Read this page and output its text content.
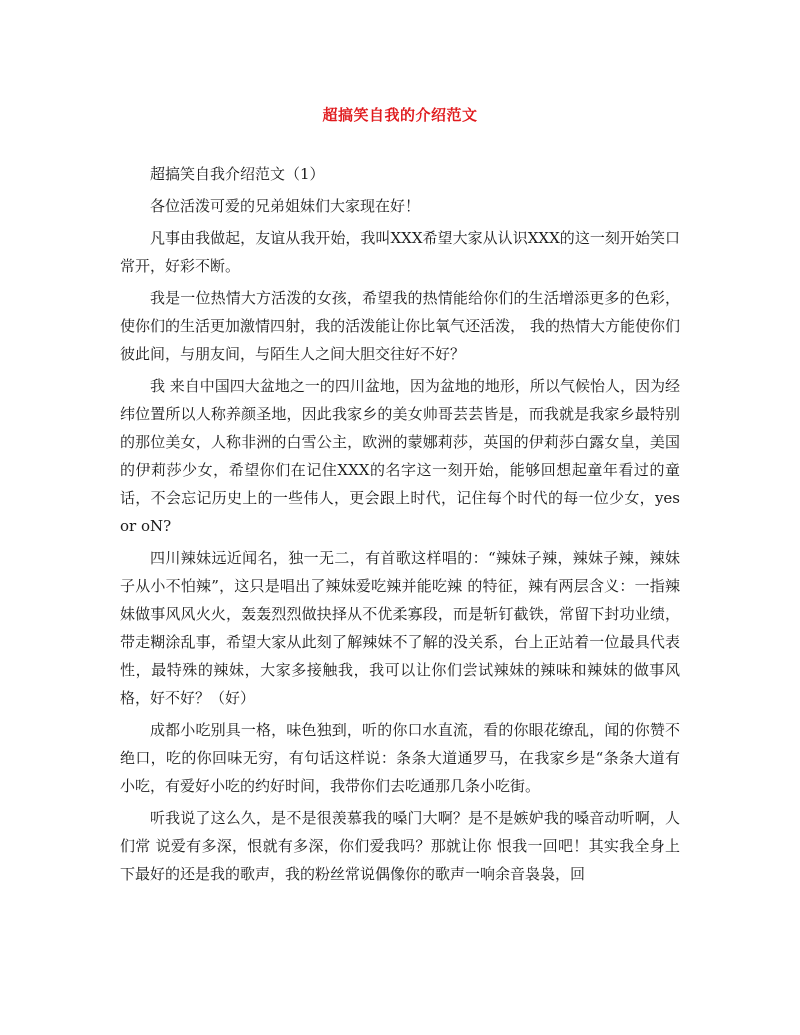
超搞笑自我的介绍范文

超搞笑自我介绍范文（1）

各位活泼可爱的兄弟姐妹们大家现在好！

凡事由我做起，友谊从我开始，我叫XXX希望大家从认识XXX的这一刻开始笑口常开，好彩不断。

我是一位热情大方活泼的女孩，希望我的热情能给你们的生活增添更多的色彩，使你们的生活更加激情四射，我的活泼能让你比氧气还活泼， 我的热情大方能使你们彼此间，与朋友间，与陌生人之间大胆交往好不好？

我 来自中国四大盆地之一的四川盆地，因为盆地的地形，所以气候怡人，因为经纬位置所以人称养颜圣地，因此我家乡的美女帅哥芸芸皆是，而我就是我家乡最特别的那位美女，人称非洲的白雪公主，欧洲的蒙娜莉莎，英国的伊莉莎白露女皇，美国的伊莉莎少女，希望你们在记住XXX的名字这一刻开始，能够回想起童年看过的童话，不会忘记历史上的一些伟人，更会跟上时代，记住每个时代的每一位少女，yes or oN?

四川辣妹远近闻名，独一无二，有首歌这样唱的：“辣妹子辣，辣妹子辣，辣妹子从小不怕辣”，这只是唱出了辣妹爱吃辣并能吃辣 的特征，辣有两层含义：一指辣妹做事风风火火，轰轰烈烈做抉择从不优柔寡段，而是斩钉截铁，常留下封功业绩，带走糊涂乱事，希望大家从此刻了解辣妹不了解的没关系，台上正站着一位最具代表性，最特殊的辣妹，大家多接触我，我可以让你们尝试辣妹的辣味和辣妹的做事风格，好不好？（好）

成都小吃别具一格，味色独到，听的你口水直流，看的你眼花缭乱，闻的你赞不绝口，吃的你回味无穷，有句话这样说：条条大道通罗马，在我家乡是“条条大道有小吃，有爱好小吃的约好时间，我带你们去吃通那几条小吃街。

听我说了这么久，是不是很羡慕我的嗓门大啊？是不是嫉妒我的嗓音动听啊，人们常 说爱有多深，恨就有多深，你们爱我吗？那就让你 恨我一回吧！其实我全身上下最好的还是我的歌声，我的粉丝常说偶像你的歌声一响余音袅袅，回
